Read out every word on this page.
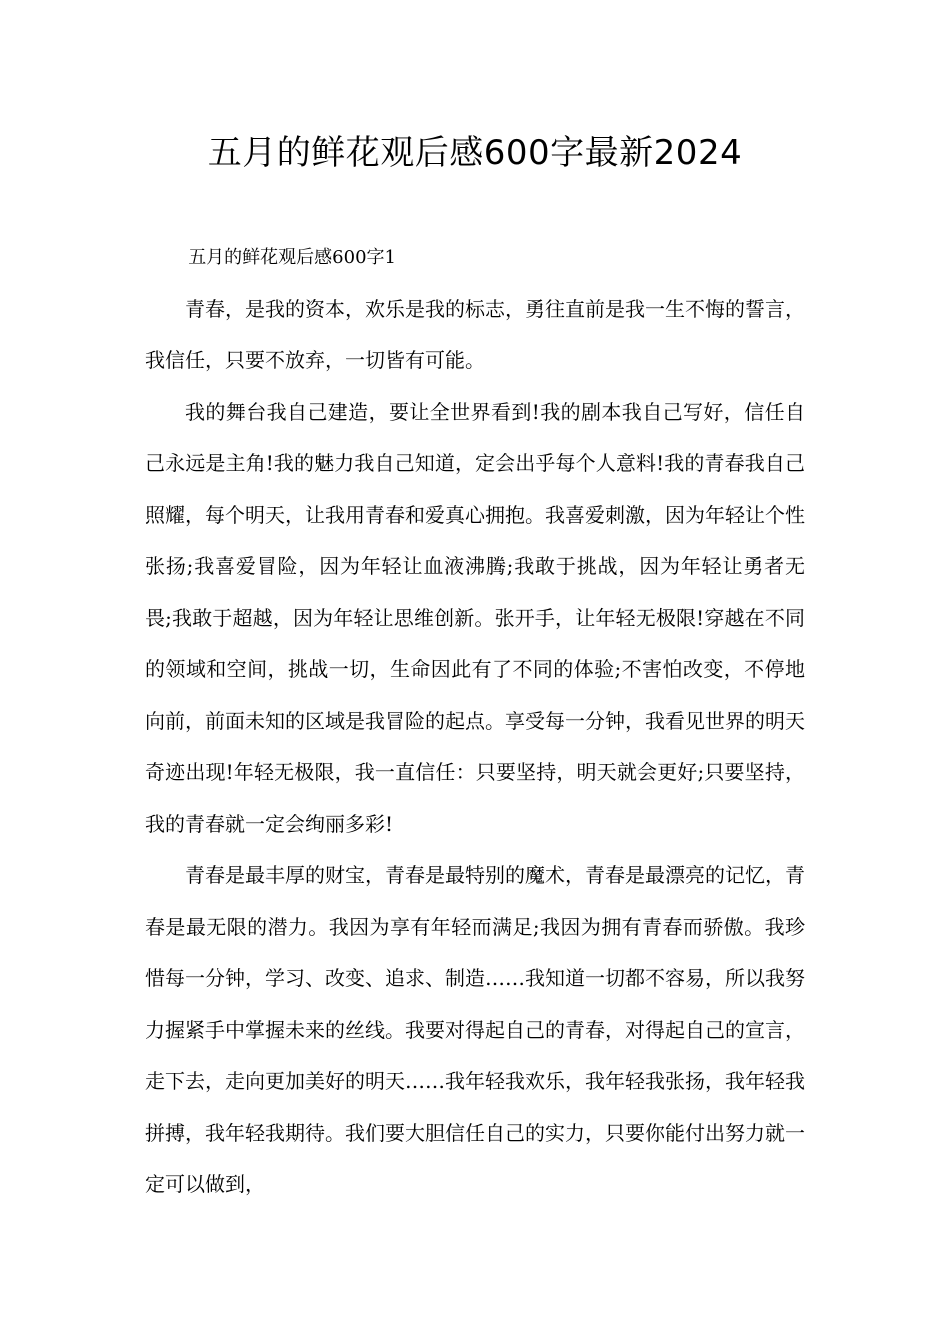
五月的鲜花观后感600字最新2024

五月的鲜花观后感600字1

青春，是我的资本，欢乐是我的标志，勇往直前是我一生不悔的誓言，我信任，只要不放弃，一切皆有可能。

我的舞台我自己建造，要让全世界看到!我的剧本我自己写好，信任自己永远是主角!我的魅力我自己知道，定会出乎每个人意料!我的青春我自己照耀，每个明天，让我用青春和爱真心拥抱。我喜爱刺激，因为年轻让个性张扬;我喜爱冒险，因为年轻让血液沸腾;我敢于挑战，因为年轻让勇者无畏;我敢于超越，因为年轻让思维创新。张开手，让年轻无极限!穿越在不同的领域和空间，挑战一切，生命因此有了不同的体验;不害怕改变，不停地向前，前面未知的区域是我冒险的起点。享受每一分钟，我看见世界的明天奇迹出现!年轻无极限，我一直信任：只要坚持，明天就会更好;只要坚持，我的青春就一定会绚丽多彩!

青春是最丰厚的财宝，青春是最特别的魔术，青春是最漂亮的记忆，青春是最无限的潜力。我因为享有年轻而满足;我因为拥有青春而骄傲。我珍惜每一分钟，学习、改变、追求、制造……我知道一切都不容易，所以我努力握紧手中掌握未来的丝线。我要对得起自己的青春，对得起自己的宣言，走下去，走向更加美好的明天……我年轻我欢乐，我年轻我张扬，我年轻我拼搏，我年轻我期待。我们要大胆信任自己的实力，只要你能付出努力就一定可以做到，
